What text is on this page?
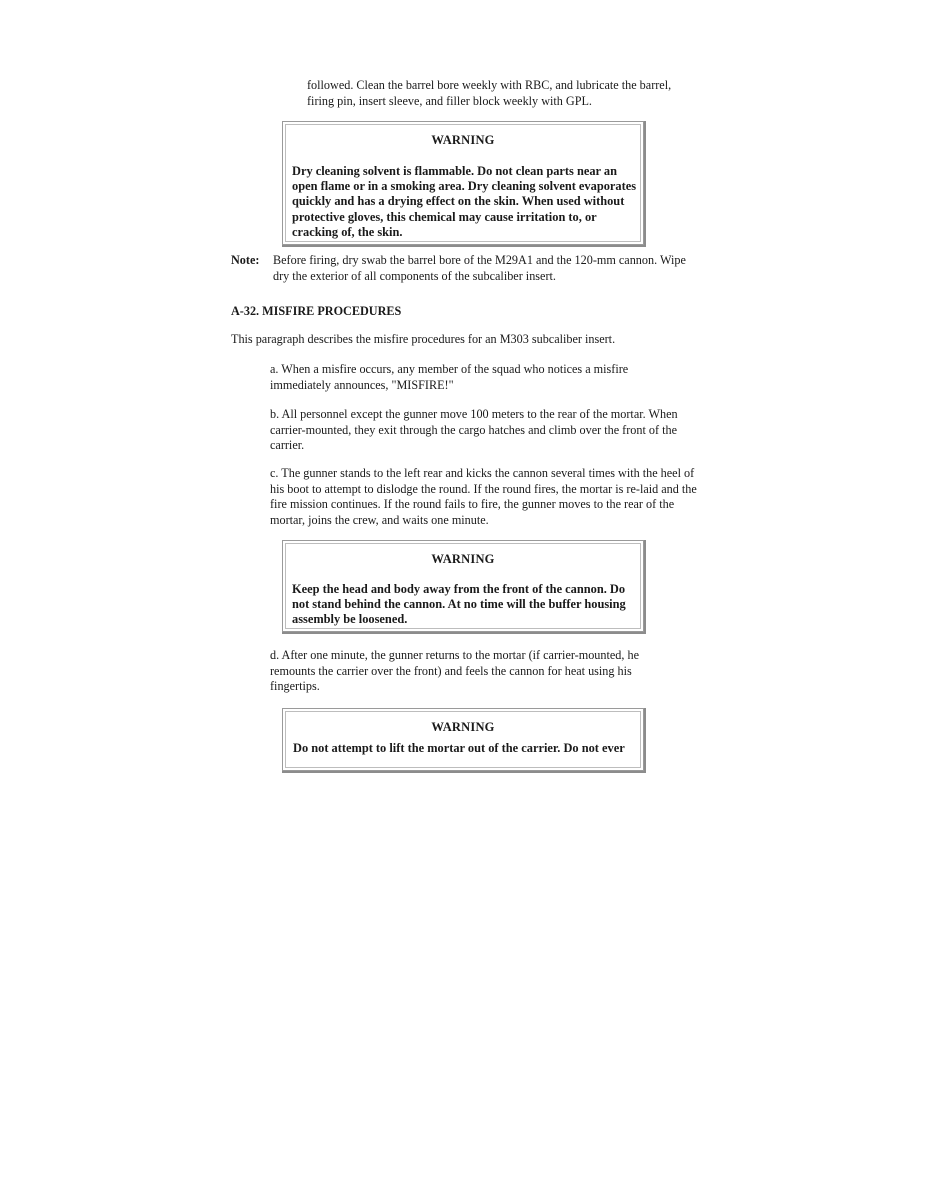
followed. Clean the barrel bore weekly with RBC, and lubricate the barrel, firing pin, insert sleeve, and filler block weekly with GPL.

WARNING

Dry cleaning solvent is flammable. Do not clean parts near an open flame or in a smoking area. Dry cleaning solvent evaporates quickly and has a drying effect on the skin. When used without protective gloves, this chemical may cause irritation to, or cracking of, the skin.

Note: Before firing, dry swab the barrel bore of the M29A1 and the 120-mm cannon. Wipe dry the exterior of all components of the subcaliber insert.

A-32. MISFIRE PROCEDURES

This paragraph describes the misfire procedures for an M303 subcaliber insert.

a. When a misfire occurs, any member of the squad who notices a misfire immediately announces, "MISFIRE!"

b. All personnel except the gunner move 100 meters to the rear of the mortar. When carrier-mounted, they exit through the cargo hatches and climb over the front of the carrier.

c. The gunner stands to the left rear and kicks the cannon several times with the heel of his boot to attempt to dislodge the round. If the round fires, the mortar is re-laid and the fire mission continues. If the round fails to fire, the gunner moves to the rear of the mortar, joins the crew, and waits one minute.

WARNING

Keep the head and body away from the front of the cannon. Do not stand behind the cannon. At no time will the buffer housing assembly be loosened.

d. After one minute, the gunner returns to the mortar (if carrier-mounted, he remounts the carrier over the front) and feels the cannon for heat using his fingertips.

WARNING

Do not attempt to lift the mortar out of the carrier. Do not ever
